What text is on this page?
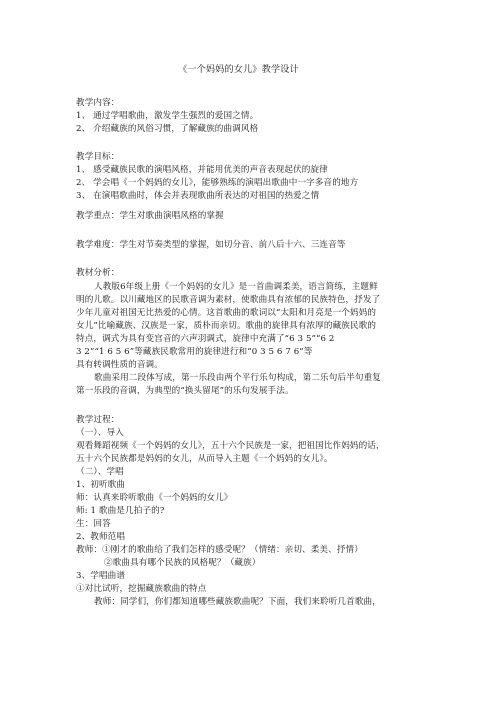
《一个妈妈的女儿》教学设计
教学内容：
1、 通过学唱歌曲，激发学生强烈的爱国之情。
2、 介绍藏族的风俗习惯，了解藏族的曲调风格
教学目标：
1、 感受藏族民歌的演唱风格，并能用优美的声音表现起伏的旋律
2、 学会唱《一个妈妈的女儿》，能够熟练的演唱出歌曲中一字多音的地方
3、 在演唱歌曲时，体会并表现歌曲所表达的对祖国的热爱之情
教学重点：学生对歌曲演唱风格的掌握
教学难度：学生对节奏类型的掌握，如切分音、前八后十六、三连音等
教材分析：
人教版6年级上册《一个妈妈的女儿》是一首曲调柔美，语言简练，主题鲜
明的儿歌。以川藏地区的民歌音调为素材，使歌曲具有浓郁的民族特色，抒发了
少年儿童对祖国无比热爱的心情。这首歌曲的歌词以“太阳和月亮是一个妈妈的
女儿”比喻藏族、汉族是一家，质朴而亲切。歌曲的旋律具有浓厚的藏族民歌的
特点，调式为具有变宫音的六声羽调式，旋律中充满了“6 3 5”“6 2
3 2”“1 6 5 6”等藏族民歌常用的旋律进行和“0 3 5 6 7 6”等
具有转调性质的音调。
歌曲采用二段体写成，第一乐段由两个平行乐句构成，第二乐句后半句重复
第一乐段的音调，为典型的“换头留尾”的乐句发展手法。
教学过程：
（一）、导入
观看舞蹈视频《一个妈妈的女儿》，五十六个民族是一家，把祖国比作妈妈的话，
五十六个民族都是妈妈的女儿，从而导入主题《一个妈妈的女儿》。
（二）、学唱
1、初听歌曲
师：认真来聆听歌曲《一个妈妈的女儿》
师: 1 歌曲是几拍子的?
生：回答
2、教师范唱
教师：①刚才的歌曲给了我们怎样的感受呢？（情绪：亲切、柔美、抒情）
②歌曲具有哪个民族的风格呢？（藏族）
3、学唱曲谱
①对比试听，挖掘藏族歌曲的特点
教师：同学们，你们都知道哪些藏族歌曲呢？下面，我们来聆听几首歌曲，
